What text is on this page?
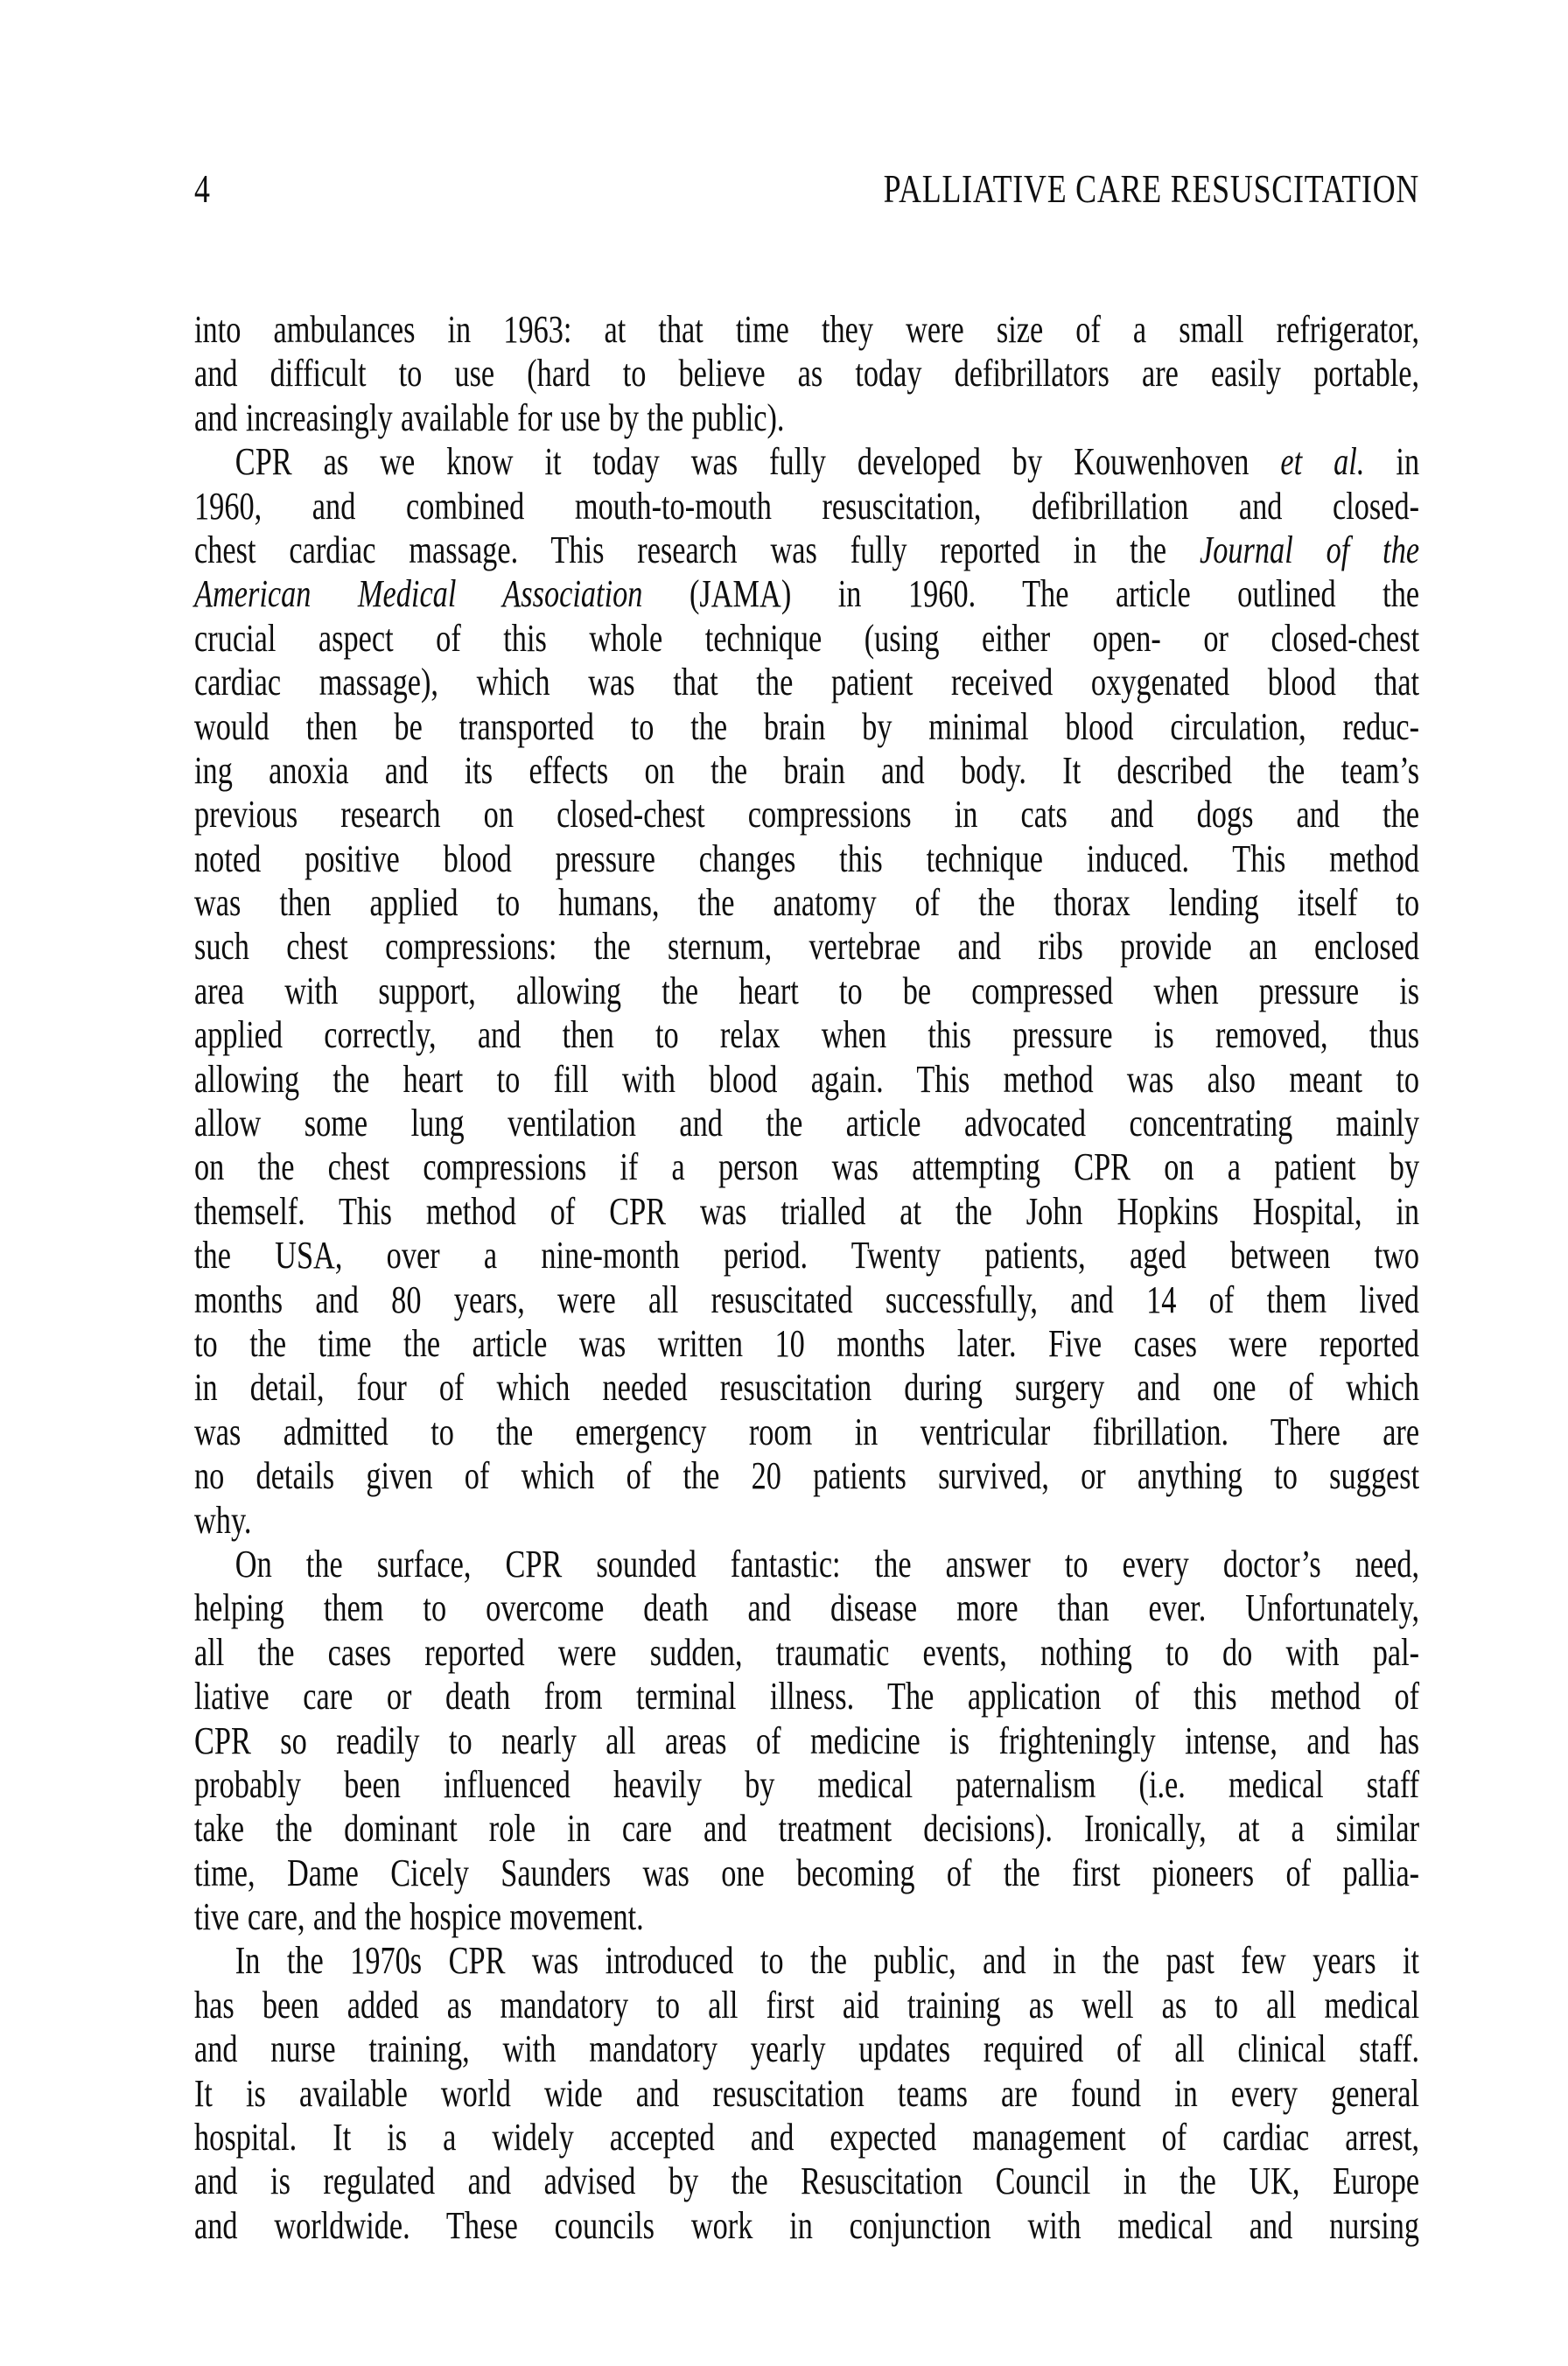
4	PALLIATIVE CARE RESUSCITATION
into ambulances in 1963: at that time they were size of a small refrigerator,
and difficult to use (hard to believe as today defibrillators are easily portable,
and increasingly available for use by the public).
CPR as we know it today was fully developed by Kouwenhoven et al. in
1960, and combined mouth-to-mouth resuscitation, defibrillation and closed-
chest cardiac massage. This research was fully reported in the Journal of the
American Medical Association (JAMA) in 1960. The article outlined the
crucial aspect of this whole technique (using either open- or closed-chest
cardiac massage), which was that the patient received oxygenated blood that
would then be transported to the brain by minimal blood circulation, reduc-
ing anoxia and its effects on the brain and body. It described the team’s
previous research on closed-chest compressions in cats and dogs and the
noted positive blood pressure changes this technique induced. This method
was then applied to humans, the anatomy of the thorax lending itself to
such chest compressions: the sternum, vertebrae and ribs provide an enclosed
area with support, allowing the heart to be compressed when pressure is
applied correctly, and then to relax when this pressure is removed, thus
allowing the heart to fill with blood again. This method was also meant to
allow some lung ventilation and the article advocated concentrating mainly
on the chest compressions if a person was attempting CPR on a patient by
themself. This method of CPR was trialled at the John Hopkins Hospital, in
the USA, over a nine-month period. Twenty patients, aged between two
months and 80 years, were all resuscitated successfully, and 14 of them lived
to the time the article was written 10 months later. Five cases were reported
in detail, four of which needed resuscitation during surgery and one of which
was admitted to the emergency room in ventricular fibrillation. There are
no details given of which of the 20 patients survived, or anything to suggest
why.
On the surface, CPR sounded fantastic: the answer to every doctor’s need,
helping them to overcome death and disease more than ever. Unfortunately,
all the cases reported were sudden, traumatic events, nothing to do with pal-
liative care or death from terminal illness. The application of this method of
CPR so readily to nearly all areas of medicine is frighteningly intense, and has
probably been influenced heavily by medical paternalism (i.e. medical staff
take the dominant role in care and treatment decisions). Ironically, at a similar
time, Dame Cicely Saunders was one becoming of the first pioneers of pallia-
tive care, and the hospice movement.
In the 1970s CPR was introduced to the public, and in the past few years it
has been added as mandatory to all first aid training as well as to all medical
and nurse training, with mandatory yearly updates required of all clinical staff.
It is available world wide and resuscitation teams are found in every general
hospital. It is a widely accepted and expected management of cardiac arrest,
and is regulated and advised by the Resuscitation Council in the UK, Europe
and worldwide. These councils work in conjunction with medical and nursing
